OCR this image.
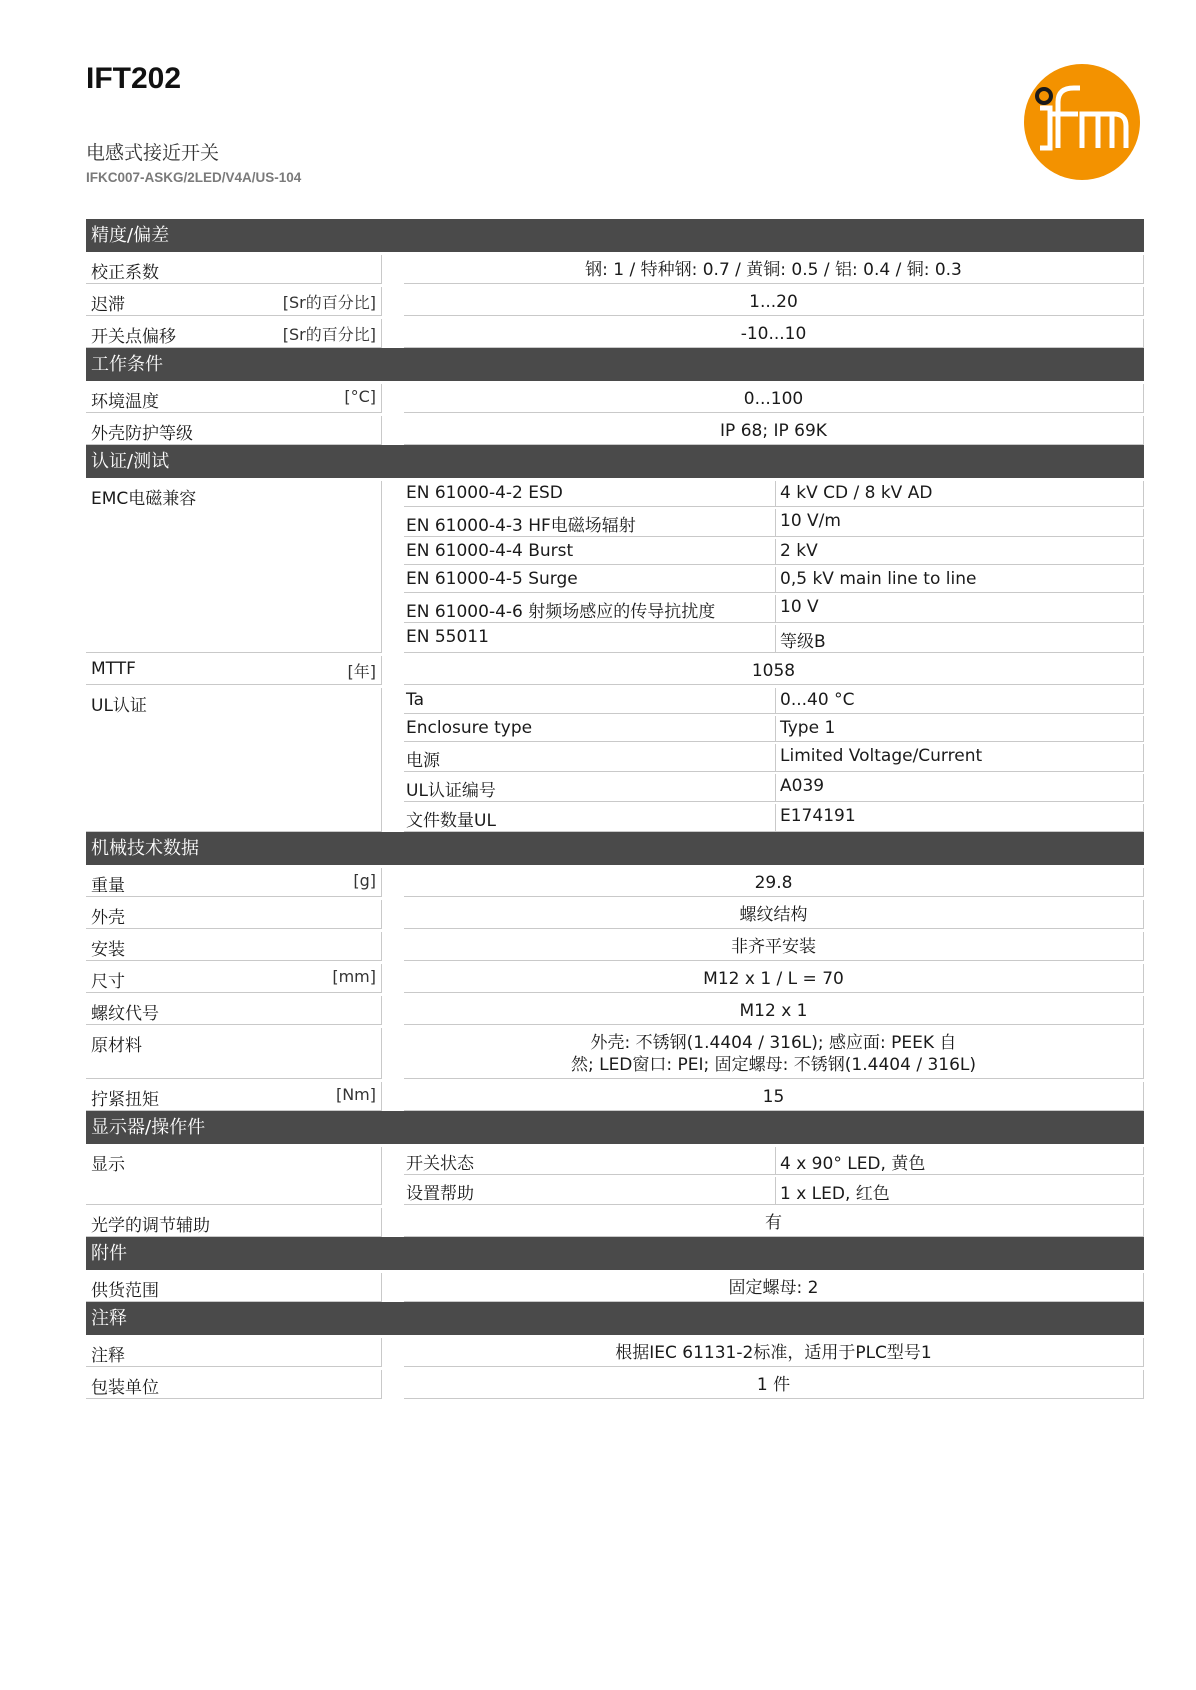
IFT202
电感式接近开关
IFKC007-ASKG/2LED/V4A/US-104	ifm
精度/偏差
校正系数	钢: 1 / 特种钢: 0.7 / 黄铜: 0.5 / 铝: 0.4 / 铜: 0.3
迟滞	[Sr的百分比]	1...20
开关点偏移	[Sr的百分比]	-10...10
工作条件
环境温度	[°C]	0...100
外壳防护等级	IP 68; IP 69K
认证/测试
EMC电磁兼容	EN 61000-4-2 ESD	4 kV CD / 8 kV AD
EN 61000-4-3 HF电磁场辐射	10 V/m
EN 61000-4-4 Burst	2 kV
EN 61000-4-5 Surge	0,5 kV main line to line
EN 61000-4-6 射频场感应的传导抗扰度	10 V
EN 55011	等级B
MTTF	[年]	1058
UL认证	Ta	0...40 °C
Enclosure type	Type 1
电源	Limited Voltage/Current
UL认证编号	A039
文件数量UL	E174191
机械技术数据
重量	[g]	29.8
外壳	螺纹结构
安装	非齐平安装
尺寸	[mm]	M12 x 1 / L = 70
螺纹代号	M12 x 1
原材料	外壳: 不锈钢(1.4404 / 316L); 感应面: PEEK 自
然; LED窗口: PEI; 固定螺母: 不锈钢(1.4404 / 316L)
拧紧扭矩	[Nm]	15
显示器/操作件
显示	开关状态	4 x 90° LED, 黄色
设置帮助	1 x LED, 红色
光学的调节辅助	有
附件
供货范围	固定螺母: 2
注释
注释	根据IEC 61131-2标准，适用于PLC型号1
包装单位	1 件
